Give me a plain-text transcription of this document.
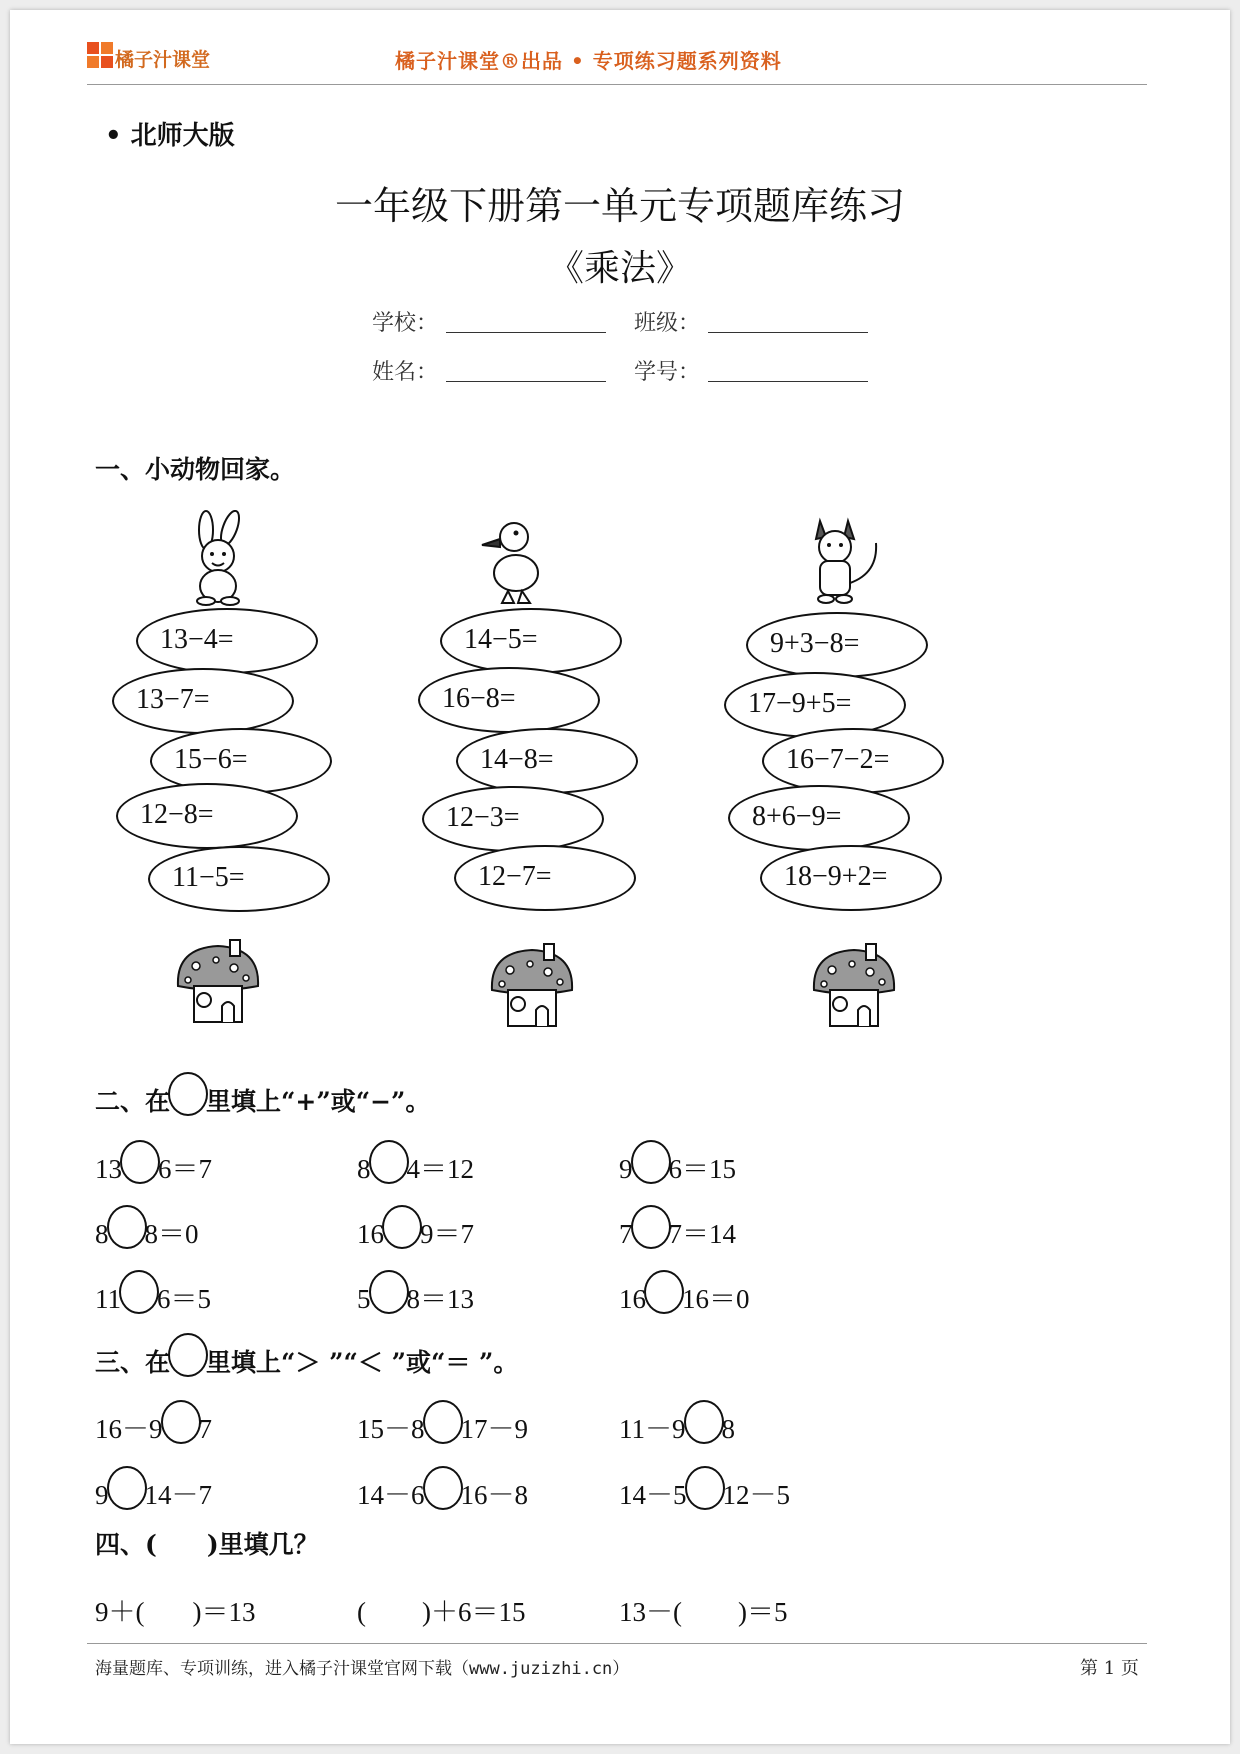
橘子汁课堂	橘子汁课堂®出品 • 专项练习题系列资料
• 北师大版
一年级下册第一单元专项题库练习
《乘法》
学校：	班级：
姓名：	学号：
一、小动物回家。
13−4=
13−7=
15−6=
12−8=
11−5=
14−5=
16−8=
14−8=
12−3=
12−7=
9+3−8=
17−9+5=
16−7−2=
8+6−9=
18−9+2=
二、在 里填上“+”或“−”。
13 6＝7	8 4＝12	9 6＝15
8 8＝0	16 9＝7	7 7＝14
11 6＝5	5 8＝13	16 16＝0
三、在 里填上“＞ ”“＜ ”或“＝ ”。
16－9 7	15－8 17－9	11－9 8
9 14－7	14－6 16－8	14－5 12－5
四、(　　)里填几？
9＋( )＝13	( )＋6＝15	13－( )＝5
海量题库、专项训练，进入橘子汁课堂官网下载（www.juzizhi.cn）	第 1 页
